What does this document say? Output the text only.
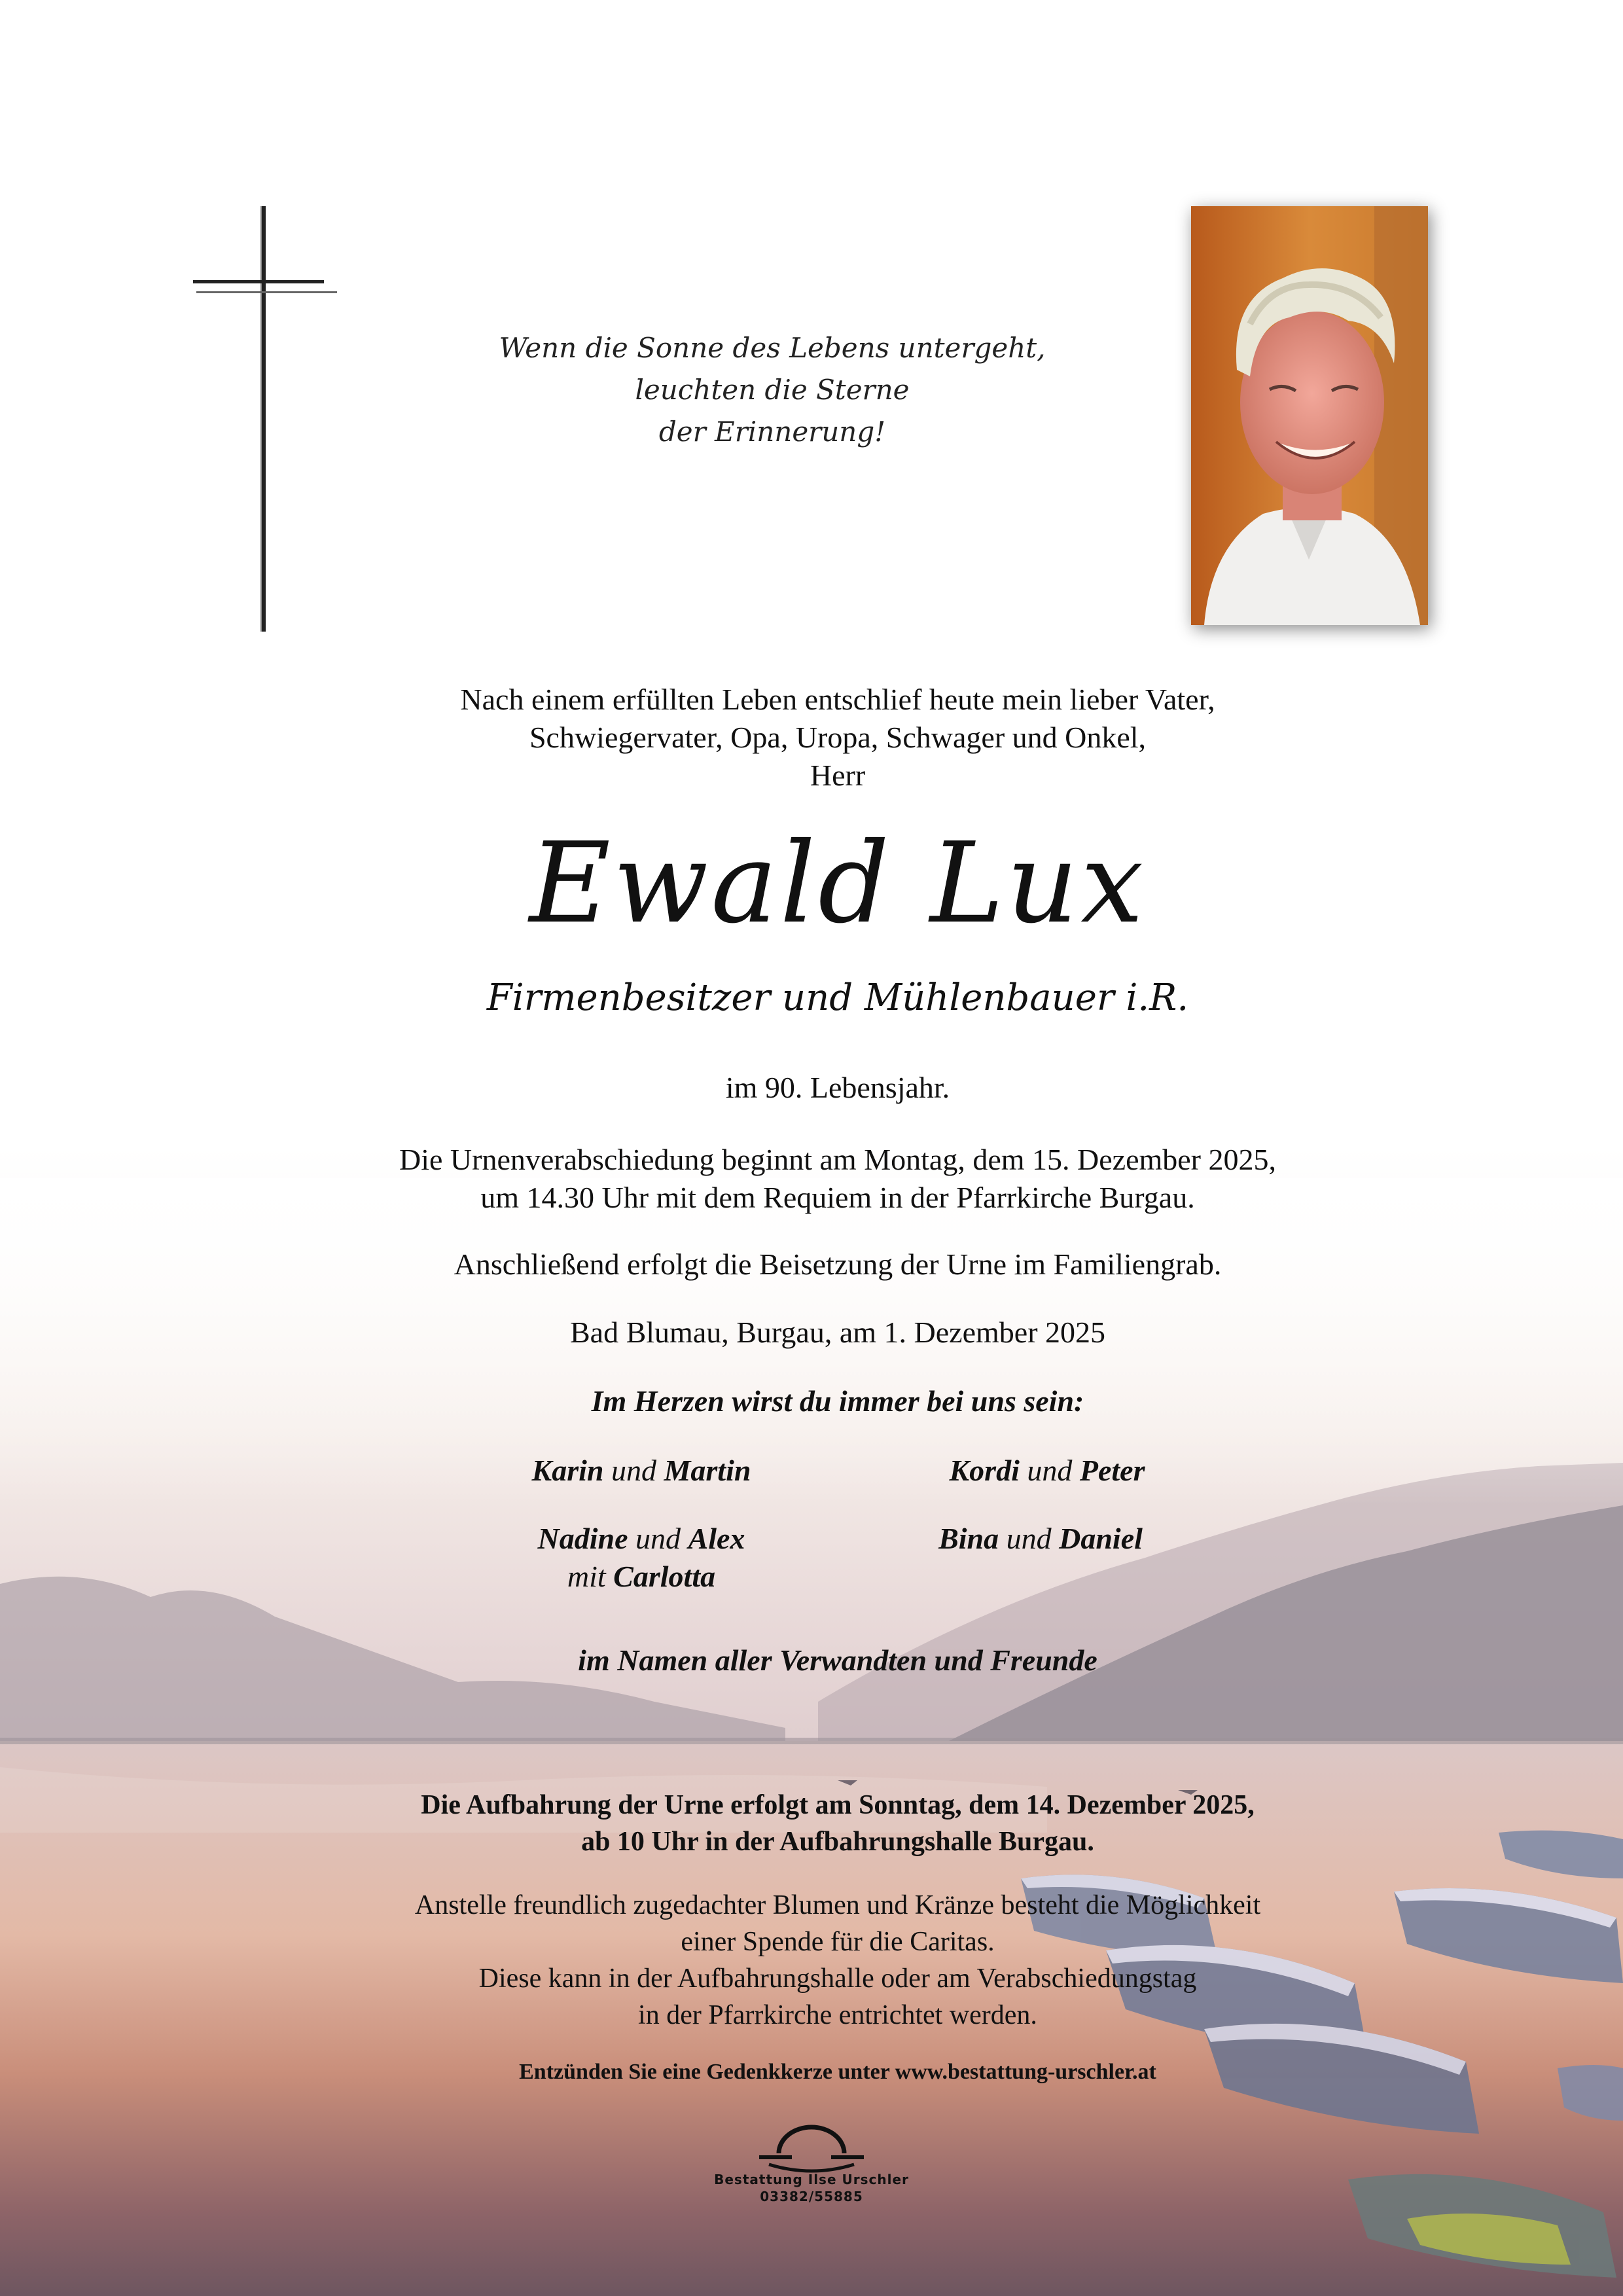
Wenn die Sonne des Lebens untergeht,
leuchten die Sterne
der Erinnerung!
Nach einem erfüllten Leben entschlief heute mein lieber Vater,
Schwiegervater, Opa, Uropa, Schwager und Onkel,
Herr
Ewald Lux
Firmenbesitzer und Mühlenbauer i.R.
im 90. Lebensjahr.
Die Urnenverabschiedung beginnt am Montag, dem 15. Dezember 2025,
um 14.30 Uhr mit dem Requiem in der Pfarrkirche Burgau.
Anschließend erfolgt die Beisetzung der Urne im Familiengrab.
Bad Blumau, Burgau, am 1. Dezember 2025
Im Herzen wirst du immer bei uns sein:
Karin und Martin	Kordi und Peter
Nadine und Alex
mit Carlotta
Bina und Daniel
im Namen aller Verwandten und Freunde
Die Aufbahrung der Urne erfolgt am Sonntag, dem 14. Dezember 2025,
ab 10 Uhr in der Aufbahrungshalle Burgau.
Anstelle freundlich zugedachter Blumen und Kränze besteht die Möglichkeit
einer Spende für die Caritas.
Diese kann in der Aufbahrungshalle oder am Verabschiedungstag
in der Pfarrkirche entrichtet werden.
Entzünden Sie eine Gedenkkerze unter www.bestattung-urschler.at
Bestattung Ilse Urschler
03382/55885
